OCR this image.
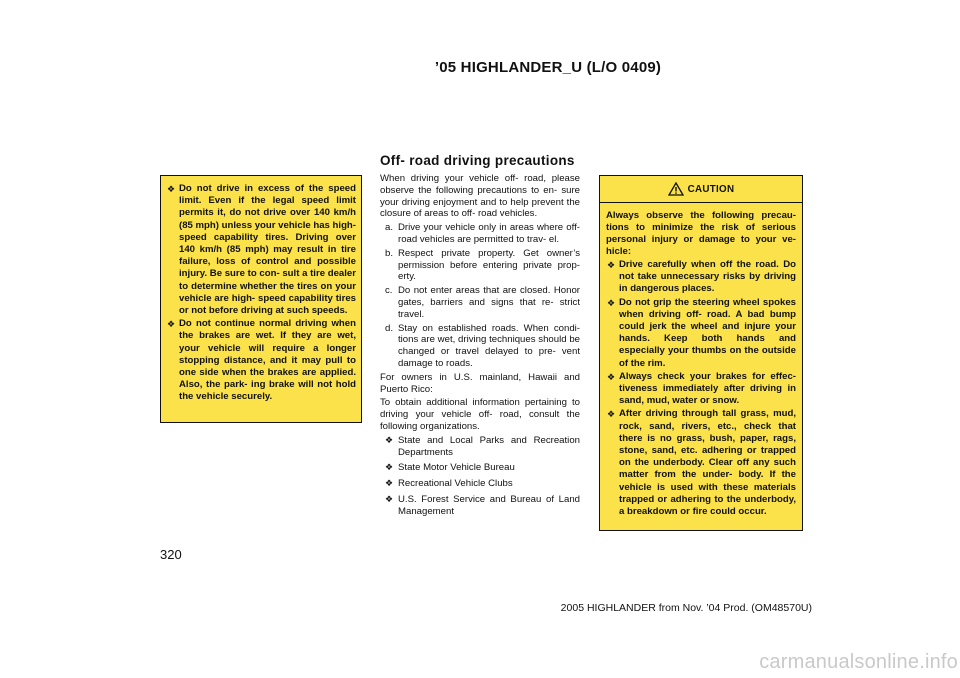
’05 HIGHLANDER_U (L/O 0409)
Off- road driving precautions
❖ Do not drive in excess of the speed limit. Even if the legal speed limit permits it, do not drive over 140 km/h (85 mph) unless your vehicle has high- speed capability tires. Driving over 140 km/h (85 mph) may result in tire failure, loss of control and possible injury. Be sure to con- sult a tire dealer to determine whether the tires on your vehicle are high- speed capability tires or not before driving at such speeds.
❖ Do not continue normal driving when the brakes are wet. If they are wet, your vehicle will require a longer stopping distance, and it may pull to one side when the brakes are applied. Also, the park- ing brake will not hold the vehicle securely.

When driving your vehicle off- road, please observe the following precautions to en- sure your driving enjoyment and to help prevent the closure of areas to off- road vehicles.

a. Drive your vehicle only in areas where off- road vehicles are permitted to trav- el.
b. Respect private property. Get owner’s permission before entering private prop- erty.
c. Do not enter areas that are closed. Honor gates, barriers and signs that re- strict travel.
d. Stay on established roads. When condi- tions are wet, driving techniques should be changed or travel delayed to pre- vent damage to roads.

For owners in U.S. mainland, Hawaii and Puerto Rico:

To obtain additional information pertaining to driving your vehicle off- road, consult the following organizations.

❖ State and Local Parks and Recreation Departments
❖ State Motor Vehicle Bureau
❖ Recreational Vehicle Clubs
❖ U.S. Forest Service and Bureau of Land Management
CAUTION
Always observe the following precau- tions to minimize the risk of serious personal injury or damage to your ve- hicle:
❖ Drive carefully when off the road. Do not take unnecessary risks by driving in dangerous places.
❖ Do not grip the steering wheel spokes when driving off- road. A bad bump could jerk the wheel and injure your hands. Keep both hands and especially your thumbs on the outside of the rim.
❖ Always check your brakes for effec- tiveness immediately after driving in sand, mud, water or snow.
❖ After driving through tall grass, mud, rock, sand, rivers, etc., check that there is no grass, bush, paper, rags, stone, sand, etc. adhering or trapped on the underbody. Clear off any such matter from the under- body. If the vehicle is used with these materials trapped or adhering to the underbody, a breakdown or fire could occur.
320
2005 HIGHLANDER from Nov. ’04 Prod. (OM48570U)
carmanualsonline.info
